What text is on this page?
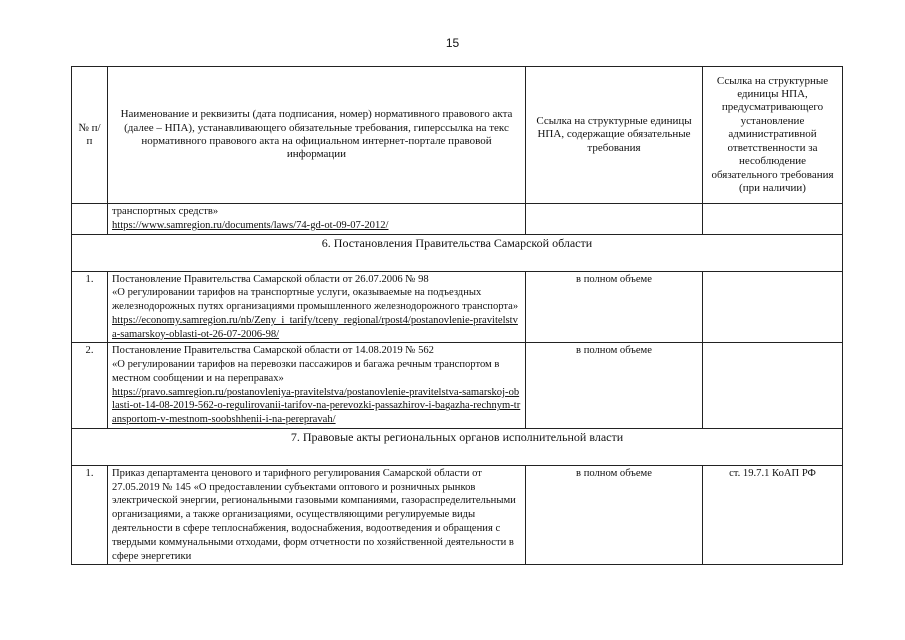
15
№ п/п	Наименование и реквизиты (дата подписания, номер) нормативного правового акта (далее – НПА), устанавливающего обязательные требования, гиперссылка на текс нормативного правового акта на официальном интернет-портале правовой информации	Ссылка на структурные единицы НПА, содержащие обязательные требования	Ссылка на структурные единицы НПА, предусматривающего установление административной ответственности за несоблюдение обязательного требования (при наличии)

	транспортных средств»
https://www.samregion.ru/documents/laws/74-gd-ot-09-07-2012/		

6. Постановления Правительства Самарской области			
1.	Постановление Правительства Самарской области от 26.07.2006 № 98
«О регулировании тарифов на транспортные услуги, оказываемые на подъездных железнодорожных путях организациями промышленного железнодорожного транспорта»
https://economy.samregion.ru/nb/Zeny_i_tarify/tceny_regional/rpost4/postanovlenie-pravitelstva-samarskoy-oblasti-ot-26-07-2006-98/	в полном объеме	
2.	Постановление Правительства Самарской области от 14.08.2019 № 562
«О регулировании тарифов на перевозки пассажиров и багажа речным транспортом в местном сообщении и на переправах»
https://pravo.samregion.ru/postanovleniya-pravitelstva/postanovlenie-pravitelstva-samarskoj-oblasti-ot-14-08-2019-562-o-regulirovanii-tarifov-na-perevozki-passazhirov-i-bagazha-rechnym-transportom-v-mestnom-soobshhenii-i-na-perepravah/	в полном объеме	
7. Правовые акты региональных органов исполнительной власти			
1.	Приказ департамента ценового и тарифного регулирования Самарской области от 27.05.2019 № 145 «О предоставлении субъектами оптового и розничных рынков электрической энергии, региональными газовыми компаниями, газораспределительными организациями, а также организациями, осуществляющими регулируемые виды деятельности в сфере теплоснабжения, водоснабжения, водоотведения и обращения с твердыми коммунальными отходами, форм отчетности по хозяйственной деятельности в сфере энергетики	в полном объеме	ст. 19.7.1 КоАП РФ
